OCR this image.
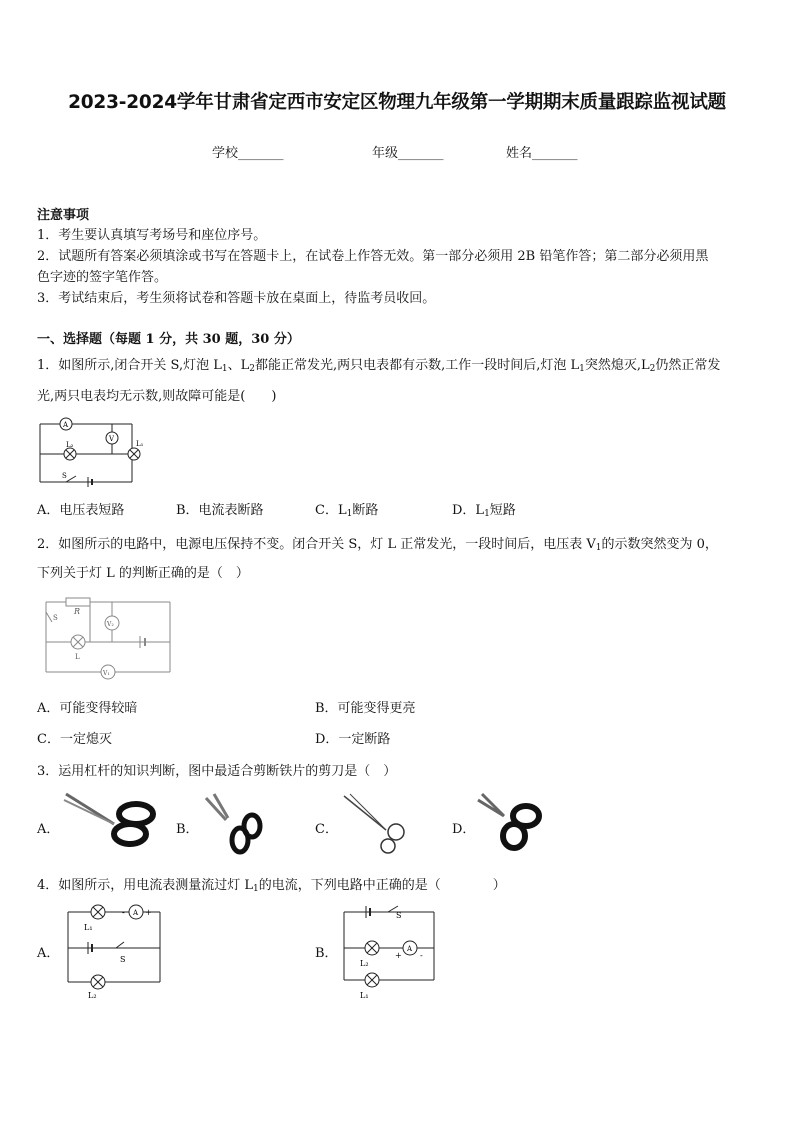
2023-2024学年甘肃省定西市安定区物理九年级第一学期期末质量跟踪监视试题
学校_______	年级_______	姓名_______
注意事项
1．考生要认真填写考场号和座位序号。
2．试题所有答案必须填涂或书写在答题卡上，在试卷上作答无效。第一部分必须用 2B 铅笔作答；第二部分必须用黑
色字迹的签字笔作答。
3．考试结束后，考生须将试卷和答题卡放在桌面上，待监考员收回。
一、选择题（每题 1 分，共 30 题，30 分）
1．如图所示,闭合开关 S,灯泡 $L_1$、$L_2$都能正常发光,两只电表都有示数,工作一段时间后,灯泡 $L_1$突然熄灭$,L_2$仍然正常发
光,两只电表均无示数,则故障可能是(　　)
A
V
L₂	L₁
S
A．电压表短路	B．电流表断路	C．$L_1$断路	D．$L_1$短路
2．如图所示的电路中，电源电压保持不变。闭合开关 S，灯 L 正常发光，一段时间后，电压表 $V_1$的示数突然变为 0，
下列关于灯 L 的判断正确的是（　）
R
S
V₂
L
V₁
A．可能变得较暗	B．可能变得更亮
C．一定熄灭	D．一定断路
3．运用杠杆的知识判断，图中最适合剪断铁片的剪刀是（　）
A．	B．	C．	D．
4．如图所示，用电流表测量流过灯 $L_1$的电流，下列电路中正确的是（　　　　）
A．
A
-	+
L₁
S
L₂
B．
S
A
+ -
L₂
L₁
